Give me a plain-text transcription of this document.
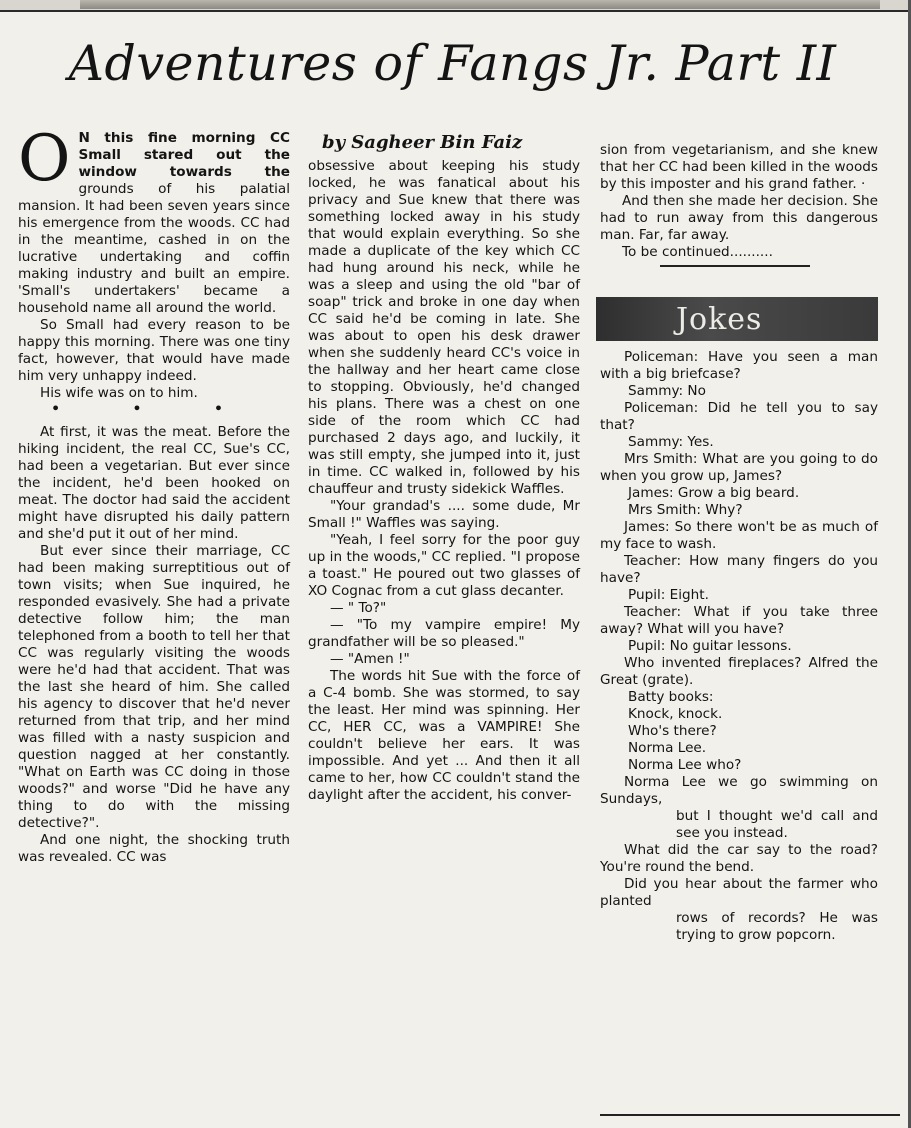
Adventures of Fangs Jr. Part II

O N this fine morning CC Small stared out the window towards the grounds of his palatial mansion. It had been seven years since his emergence from the woods. CC had in the meantime, cashed in on the lucrative undertaking and coffin making industry and built an empire. 'Small's undertakers' became a household name all around the world.

So Small had every reason to be happy this morning. There was one tiny fact, however, that would have made him very unhappy indeed.

His wife was on to him.

• • •

At first, it was the meat. Before the hiking incident, the real CC, Sue's CC, had been a vegetarian. But ever since the incident, he'd been hooked on meat. The doctor had said the accident might have disrupted his daily pattern and she'd put it out of her mind.

But ever since their marriage, CC had been making surreptitious out of town visits; when Sue inquired, he responded evasively. She had a private detective follow him; the man telephoned from a booth to tell her that CC was regularly visiting the woods were he'd had that accident. That was the last she heard of him. She called his agency to discover that he'd never returned from that trip, and her mind was filled with a nasty suspicion and question nagged at her constantly. "What on Earth was CC doing in those woods?" and worse "Did he have any thing to do with the missing detective?".

And one night, the shocking truth was revealed. CC was

by Sagheer Bin Faiz

obsessive about keeping his study locked, he was fanatical about his privacy and Sue knew that there was something locked away in his study that would explain everything. So she made a duplicate of the key which CC had hung around his neck, while he was a sleep and using the old "bar of soap" trick and broke in one day when CC said he'd be coming in late. She was about to open his desk drawer when she suddenly heard CC's voice in the hallway and her heart came close to stopping. Obviously, he'd changed his plans. There was a chest on one side of the room which CC had purchased 2 days ago, and luckily, it was still empty, she jumped into it, just in time. CC walked in, followed by his chauffeur and trusty sidekick Waffles.

"Your grandad's .... some dude, Mr Small !" Waffles was saying.

"Yeah, I feel sorry for the poor guy up in the woods," CC replied. "I propose a toast." He poured out two glasses of XO Cognac from a cut glass decanter.

— " To?"

— "To my vampire empire! My grandfather will be so pleased."

— "Amen !"

The words hit Sue with the force of a C-4 bomb. She was stormed, to say the least. Her mind was spinning. Her CC, HER CC, was a VAMPIRE! She couldn't believe her ears. It was impossible. And yet ... And then it all came to her, how CC couldn't stand the daylight after the accident, his conver-

sion from vegetarianism, and she knew that her CC had been killed in the woods by this imposter and his grand father. ·

And then she made her decision. She had to run away from this dangerous man. Far, far away.

To be continued..........

Jokes
Policeman: Have you seen a man with a big briefcase?
Sammy: No
Policeman: Did he tell you to say that?
Sammy: Yes.
Mrs Smith: What are you going to do when you grow up, James?
James: Grow a big beard.
Mrs Smith: Why?
James: So there won't be as much of my face to wash.
Teacher: How many fingers do you have?
Pupil: Eight.
Teacher: What if you take three away? What will you have?
Pupil: No guitar lessons.
Who invented fireplaces? Alfred the Great (grate).
Batty books:
Knock, knock.
Who's there?
Norma Lee.
Norma Lee who?
Norma Lee we go swimming on Sundays,
but I thought we'd call and see you instead.
What did the car say to the road? You're round the bend.
Did you hear about the farmer who planted
rows of records? He was trying to grow popcorn.
